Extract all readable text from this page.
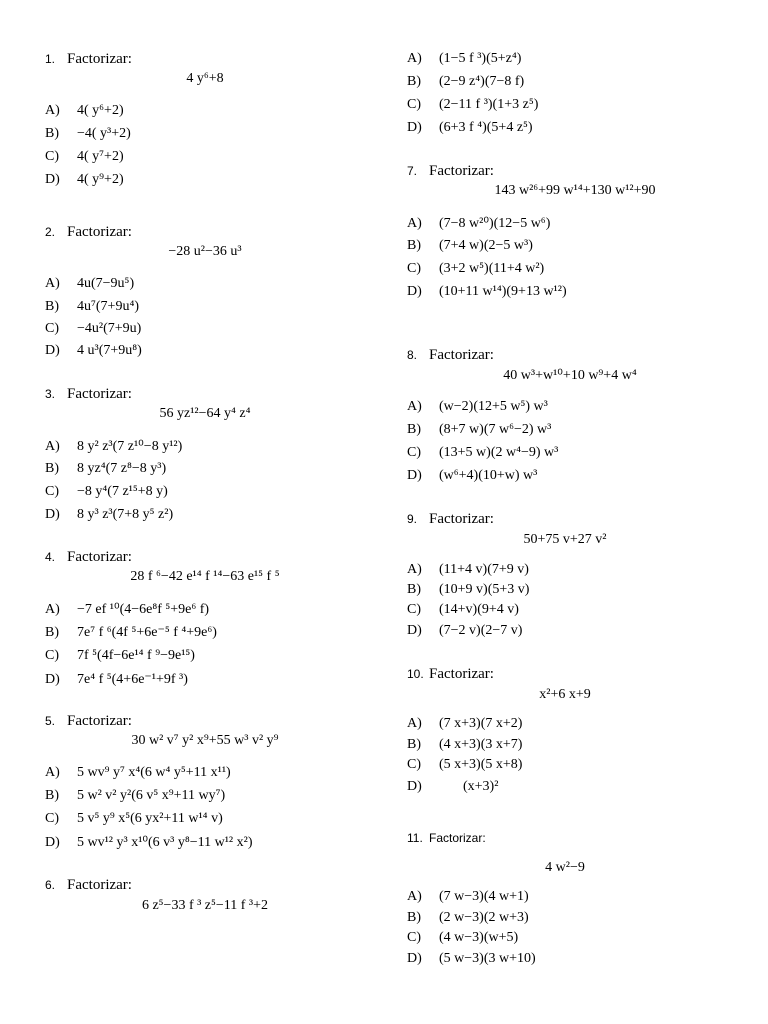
1. Factorizar:
4 y⁶+8
A) 4( y⁶+2)
B) −4( y³+2)
C) 4( y⁷+2)
D) 4( y⁹+2)
2. Factorizar:
−28 u²−36 u³
A) 4u(7−9u⁵)
B) 4u⁷(7+9u⁴)
C) −4u²(7+9u)
D) 4 u³(7+9u⁸)
3. Factorizar:
56 yz¹²−64 y⁴ z⁴
A) 8 y² z³(7 z¹⁰−8 y¹²)
B) 8 yz⁴(7 z⁸−8 y³)
C) −8 y⁴(7 z¹⁵+8 y)
D) 8 y³ z³(7+8 y⁵ z²)
4. Factorizar:
28 f ⁶−42 e¹⁴ f ¹⁴−63 e¹⁵ f ⁵
A) −7 ef ¹⁰(4−6e⁸f ⁵+9e⁶ f)
B) 7e⁷ f ⁶(4f ⁵+6e⁻⁵ f ⁴+9e⁶)
C) 7f ⁵(4f−6e¹⁴ f ⁹−9e¹⁵)
D) 7e⁴ f ⁵(4+6e⁻¹+9f ³)
5. Factorizar:
30 w² v⁷ y² x⁹+55 w³ v² y⁹
A) 5 wv⁹ y⁷ x⁴(6 w⁴ y⁵+11 x¹¹)
B) 5 w² v² y²(6 v⁵ x⁹+11 wy⁷)
C) 5 v⁵ y⁹ x⁵(6 yx²+11 w¹⁴ v)
D) 5 wv¹² y³ x¹⁰(6 v³ y⁸−11 w¹² x²)
6. Factorizar:
6 z⁵−33 f ³ z⁵−11 f ³+2
A) (1−5 f ³)(5+z⁴)
B) (2−9 z⁴)(7−8 f)
C) (2−11 f ³)(1+3 z⁵)
D) (6+3 f ⁴)(5+4 z⁵)
7. Factorizar:
143 w²⁶+99 w¹⁴+130 w¹²+90
A) (7−8 w²⁰)(12−5 w⁶)
B) (7+4 w)(2−5 w³)
C) (3+2 w⁵)(11+4 w²)
D) (10+11 w¹⁴)(9+13 w¹²)
8. Factorizar:
40 w³+w¹⁰+10 w⁹+4 w⁴
A) (w−2)(12+5 w⁵) w³
B) (8+7 w)(7 w⁶−2) w³
C) (13+5 w)(2 w⁴−9) w³
D) (w⁶+4)(10+w) w³
9. Factorizar:
50+75 v+27 v²
A) (11+4 v)(7+9 v)
B) (10+9 v)(5+3 v)
C) (14+v)(9+4 v)
D) (7−2 v)(2−7 v)
10. Factorizar:
x²+6 x+9
A) (7 x+3)(7 x+2)
B) (4 x+3)(3 x+7)
C) (5 x+3)(5 x+8)
D)	(x+3)²
11. Factorizar:
4 w²−9
A) (7 w−3)(4 w+1)
B) (2 w−3)(2 w+3)
C) (4 w−3)(w+5)
D) (5 w−3)(3 w+10)
